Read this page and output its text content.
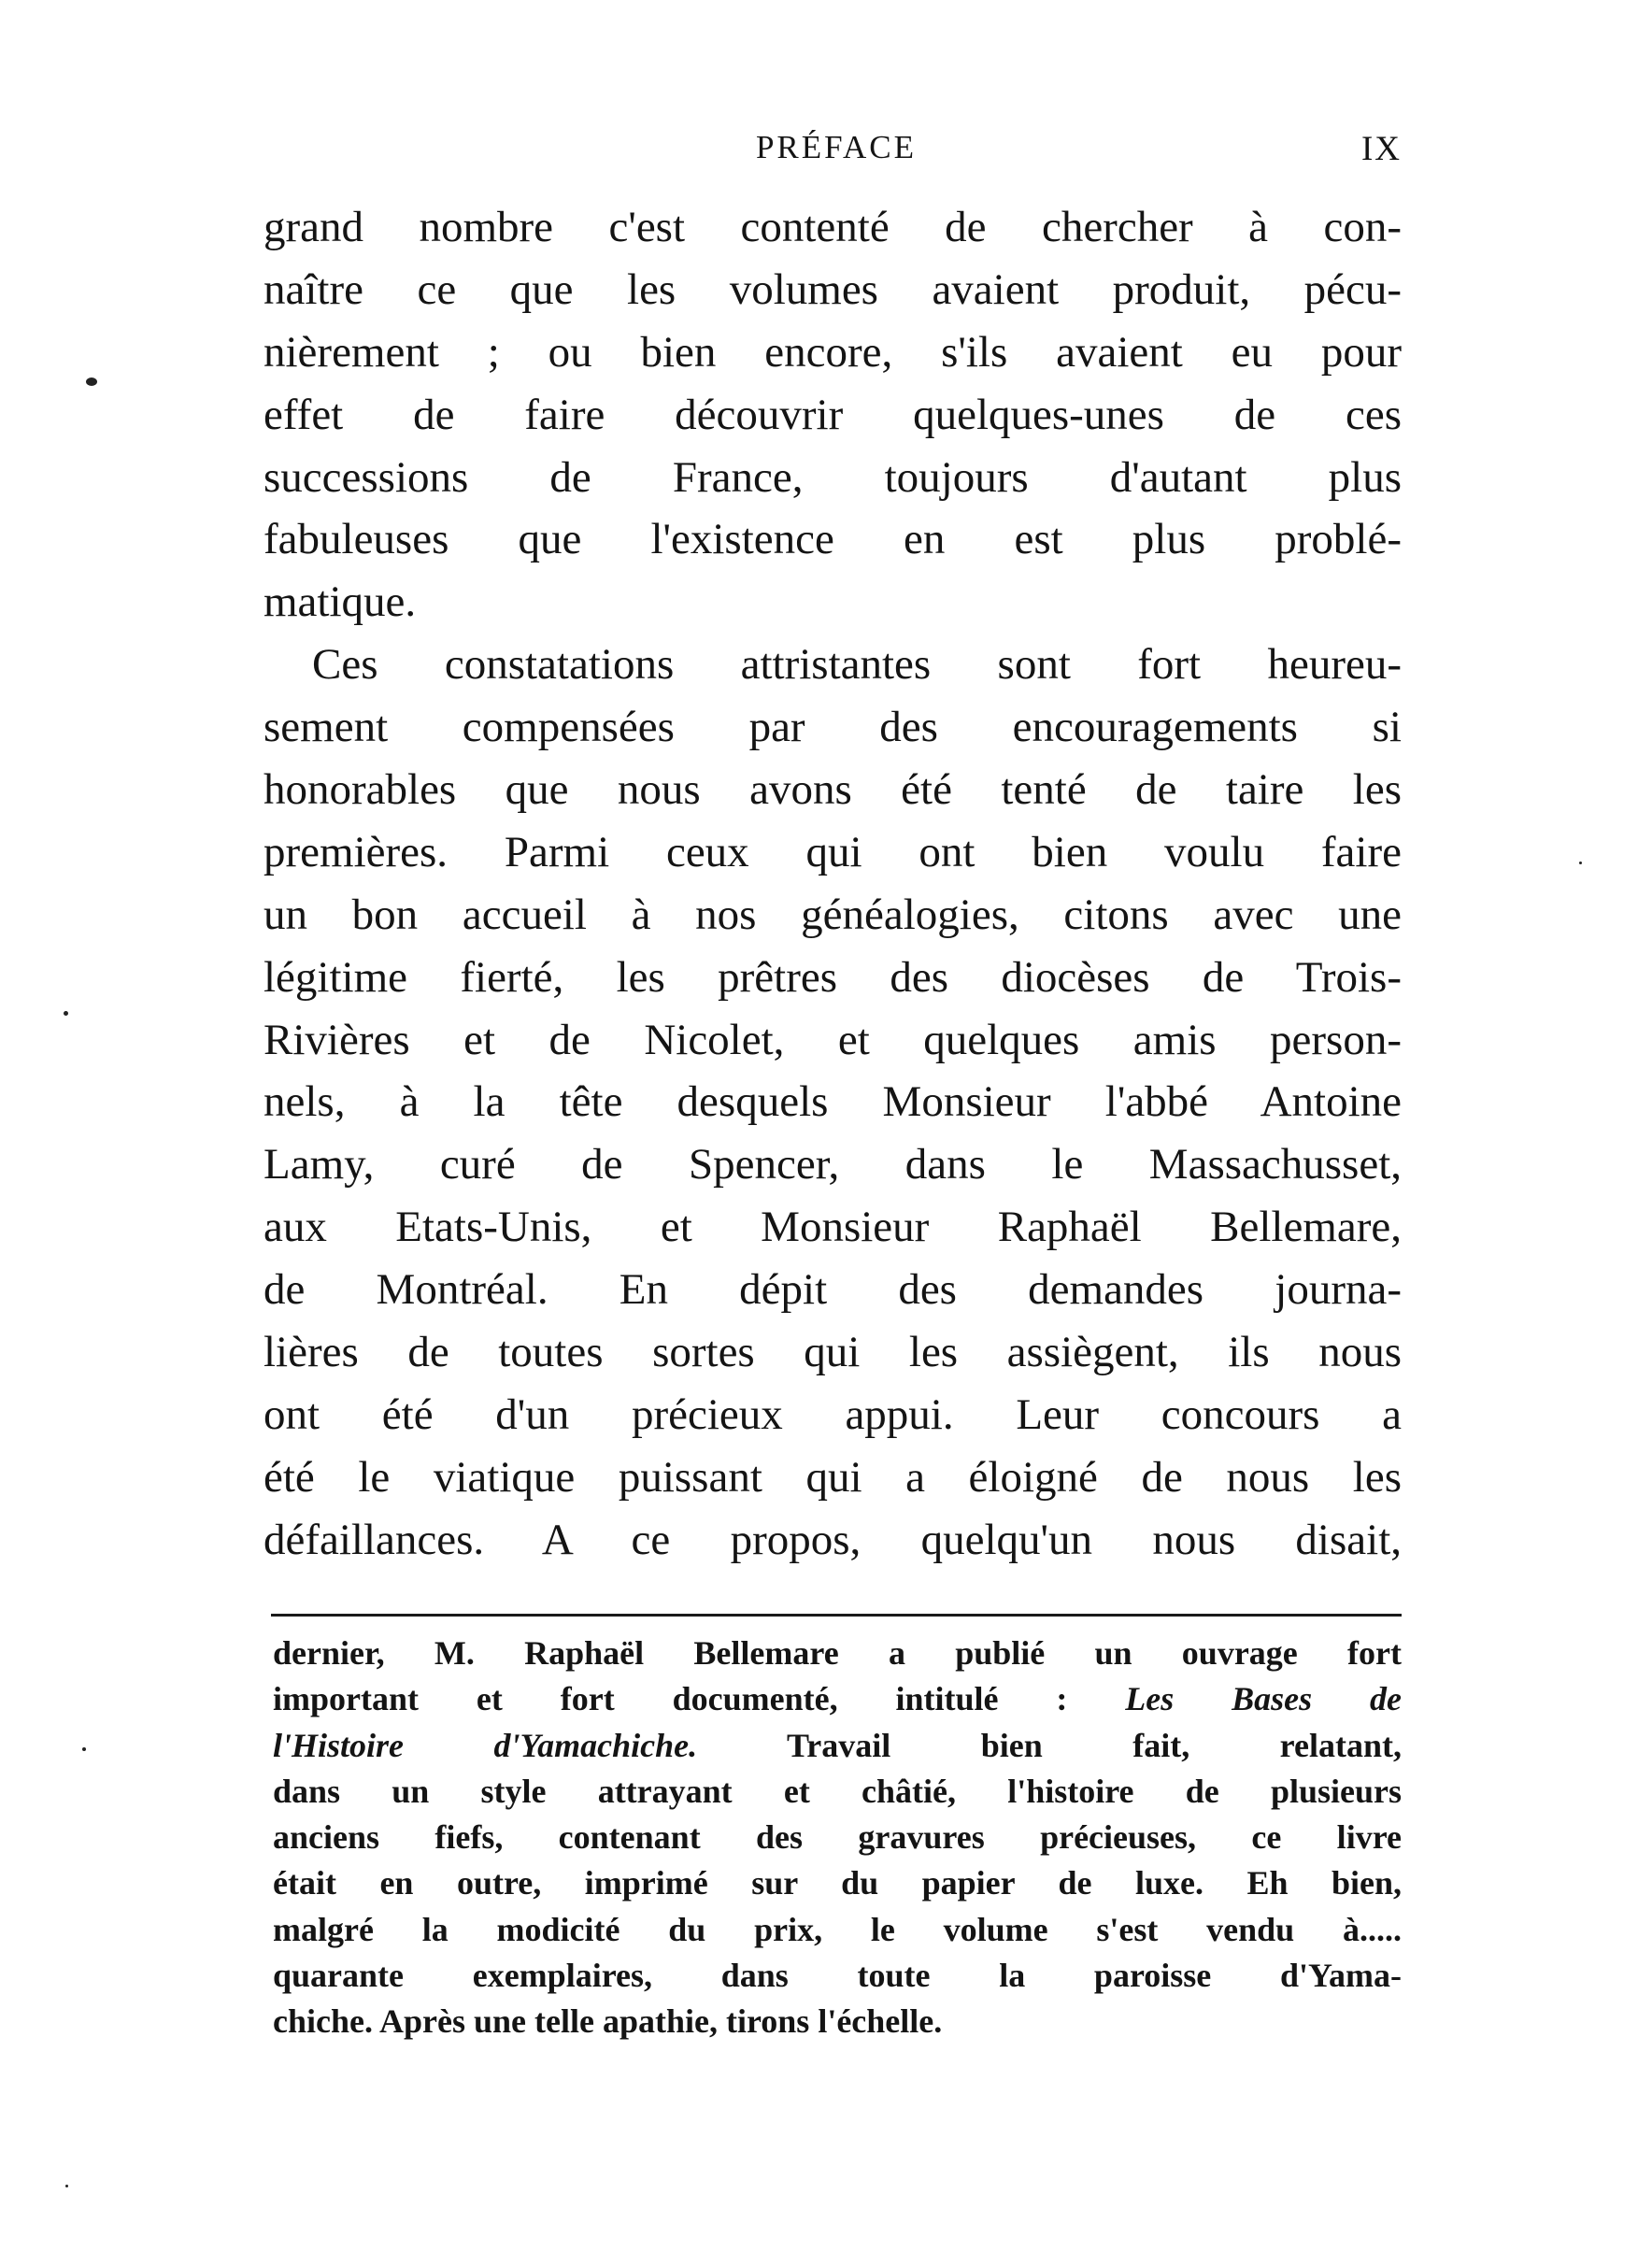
PRÉFACE	IX
grand nombre c'est contenté de chercher à con-
naître ce que les volumes avaient produit, pécu-
nièrement ; ou bien encore, s'ils avaient eu pour
effet de faire découvrir quelques-unes de ces
successions de France, toujours d'autant plus
fabuleuses que l'existence en est plus problé-
matique.
Ces constatations attristantes sont fort heureu-
sement compensées par des encouragements si
honorables que nous avons été tenté de taire les
premières. Parmi ceux qui ont bien voulu faire
un bon accueil à nos généalogies, citons avec une
légitime fierté, les prêtres des diocèses de Trois-
Rivières et de Nicolet, et quelques amis person-
nels, à la tête desquels Monsieur l'abbé Antoine
Lamy, curé de Spencer, dans le Massachusset,
aux Etats-Unis, et Monsieur Raphaël Bellemare,
de Montréal. En dépit des demandes journa-
lières de toutes sortes qui les assiègent, ils nous
ont été d'un précieux appui. Leur concours a
été le viatique puissant qui a éloigné de nous les
défaillances. A ce propos, quelqu'un nous disait,
dernier, M. Raphaël Bellemare a publié un ouvrage fort
important et fort documenté, intitulé : Les Bases de
l'Histoire d'Yamachiche.	Travail bien fait, relatant,
dans un style attrayant et châtié, l'histoire de plusieurs
anciens fiefs, contenant des gravures précieuses, ce livre
était en outre, imprimé sur du papier de luxe. Eh bien,
malgré la modicité du prix, le volume s'est vendu à.....
quarante exemplaires, dans toute la paroisse d'Yama-
chiche. Après une telle apathie, tirons l'échelle.
